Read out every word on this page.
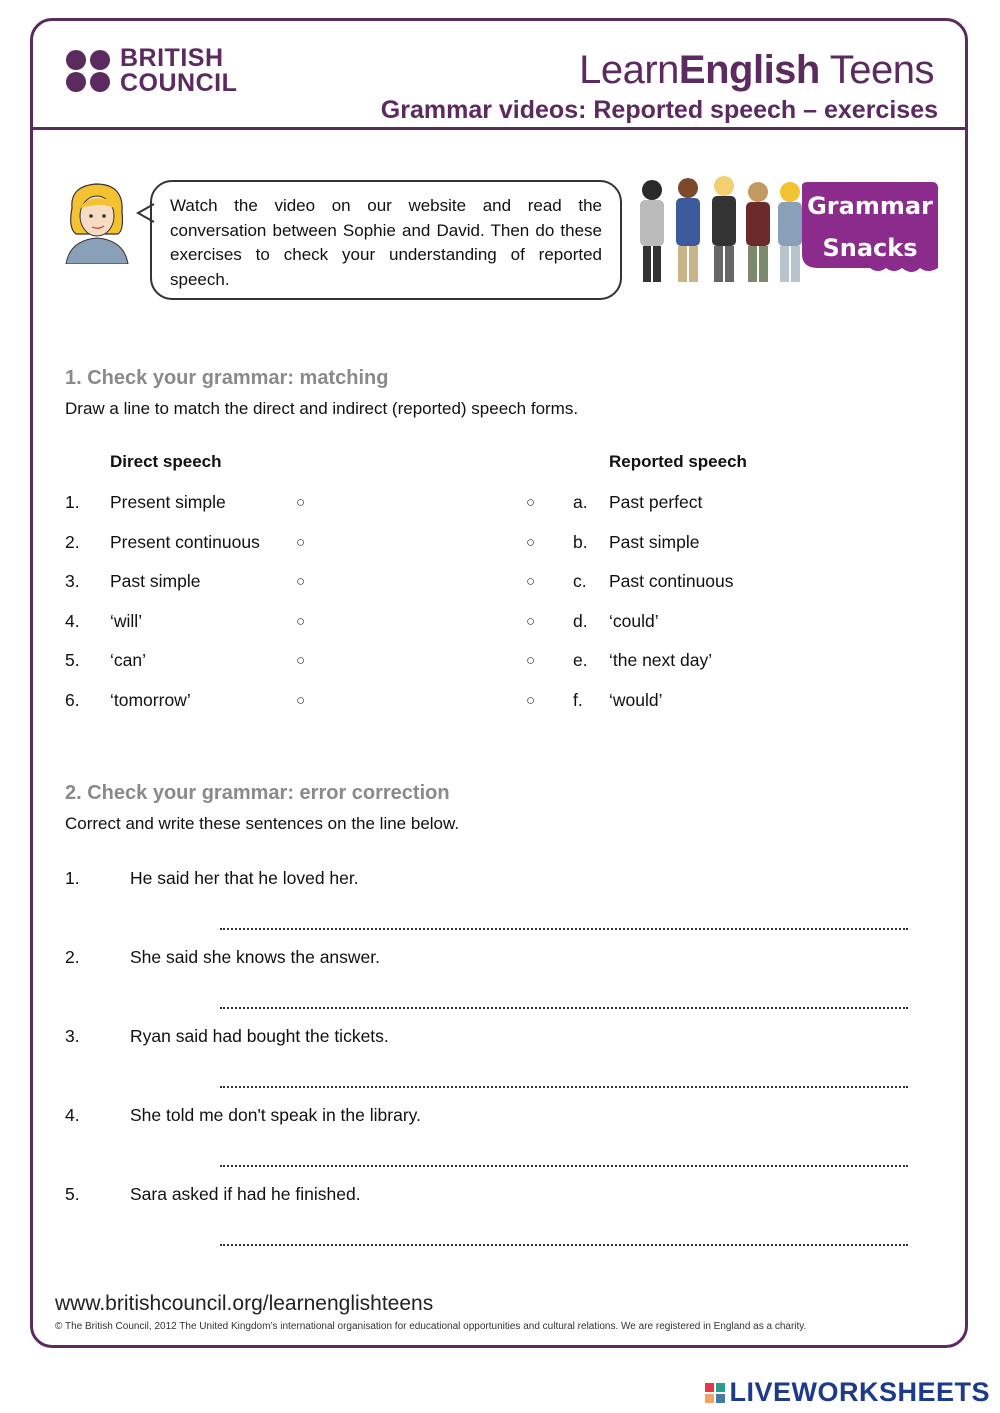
BRITISH
COUNCIL	LearnEnglish Teens
Grammar videos: Reported speech – exercises
Watch the video on our website and read the conversation between Sophie and David. Then do these exercises to check your understanding of reported speech.
Grammar
Snacks
1. Check your grammar: matching
Draw a line to match the direct and indirect (reported) speech forms.
Direct speech	Reported speech
1. Present simple	○	○ a. Past perfect
2. Present continuous ○	○ b. Past simple
3. Past simple	○	○ c. Past continuous
4. ‘will’	○	○ d. ‘could’
5. ‘can’	○	○ e. ‘the next day’
6. ‘tomorrow’	○	○ f. ‘would’
2. Check your grammar: error correction
Correct and write these sentences on the line below.
1.	He said her that he loved her.
2.	She said she knows the answer.
3.	Ryan said had bought the tickets.
4.	She told me don't speak in the library.
5.	Sara asked if had he finished.
www.britishcouncil.org/learnenglishteens
© The British Council, 2012 The United Kingdom’s international organisation for educational opportunities and cultural relations. We are registered in England as a charity.
LIVEWORKSHEETS
